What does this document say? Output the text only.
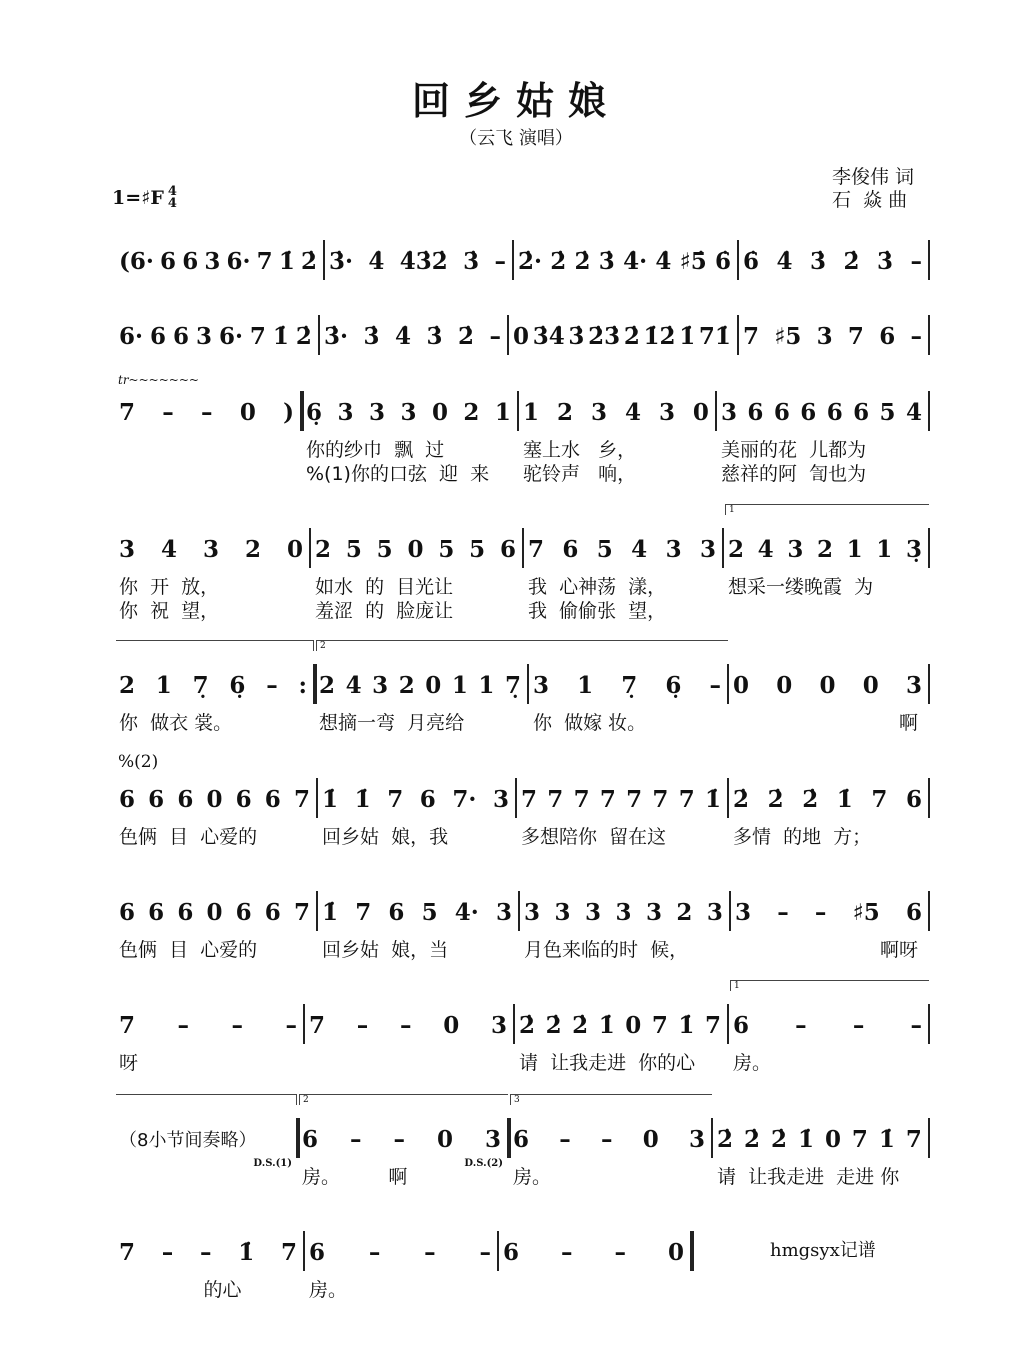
回乡姑娘
（云飞 演唱）
1=♯F 4
4
李俊伟 词
石  焱 曲
(6· 6 6 3 6· 7 1̇ 2̇ 3̇· 4̇ 4̇3̇2̇ 3̇ – 2̇· 2̇ 2̇ 3̇ 4̇· 4̇ ♯5̇ 6̇ 6̇ 4̇ 3̇ 2̇ 3̇ –
6· 6 6 3 6· 7 1̇ 2̇ 3̇· 3̇ 4̇ 3̇ 2̇ – 0 3̇4̇ 3̇ 2̇3̇ 2̇ 1̇2̇ 1̇ 71̇ 7 ♯5 3 7 6 –
7 – – 0 ) 6̣ 3 3 3 0 2 1
你的纱巾  飘  过
%(1)你的口弦  迎  来
1 2 3 4 3 0
塞上水   乡，
驼铃声   响，
3 6 6 6 6 6 5 4
美丽的花  儿都为
慈祥的阿  訇也为
tr~~~~~~~
3 4 3 2 0
你  开  放，
你  祝  望，
2 5 5 0 5 5 6
如水  的  目光让
羞涩  的  脸庞让
7 6 5 4 3 3
我  心神荡  漾，
我  偷偷张  望，
2 4 3 2 1 1 3̣
想采一缕晚霞  为
1
2 1 7̣ 6̣ – :
你  做衣 裳。
2 4 3 2 0 1 1 7̣
想摘一弯  月亮给
3 1 7̣ 6̣ –
你  做嫁 妆。
0 0 0 0 3
啊
2
6 6 6 0 6 6 7
色俩  目  心爱的
1̇ 1̇ 7 6 7· 3
回乡姑  娘，我
7 7 7 7 7 7 7 1̇
多想陪你  留在这
2̇ 2̇ 2̇ 1̇ 7 6
多情  的地  方；
%(2)
6 6 6 0 6 6 7
色俩  目  心爱的
1̇ 7 6 5 4· 3
回乡姑  娘，当
3 3 3 3 3 2 3
月色来临的时  候，
3 – – ♯5 6
啊呀
7 – – –
呀
7 – – 0 3 2̇ 2̇ 2̇ 1̇ 0 7 1̇ 7
请  让我走进  你的心
6 – – –
房。
1
（8小节间奏略） 6 – – 0 3
房。        啊
6 – – 0 3
房。
2̇ 2̇ 2̇ 1̇ 0 7 1̇ 7
请  让我走进  走进 你
2	3
D.S.(1)	D.S.(2)
7 – – 1̇ 7
的心
6 – – –
房。
6 – – 0	hmgsyx记谱
